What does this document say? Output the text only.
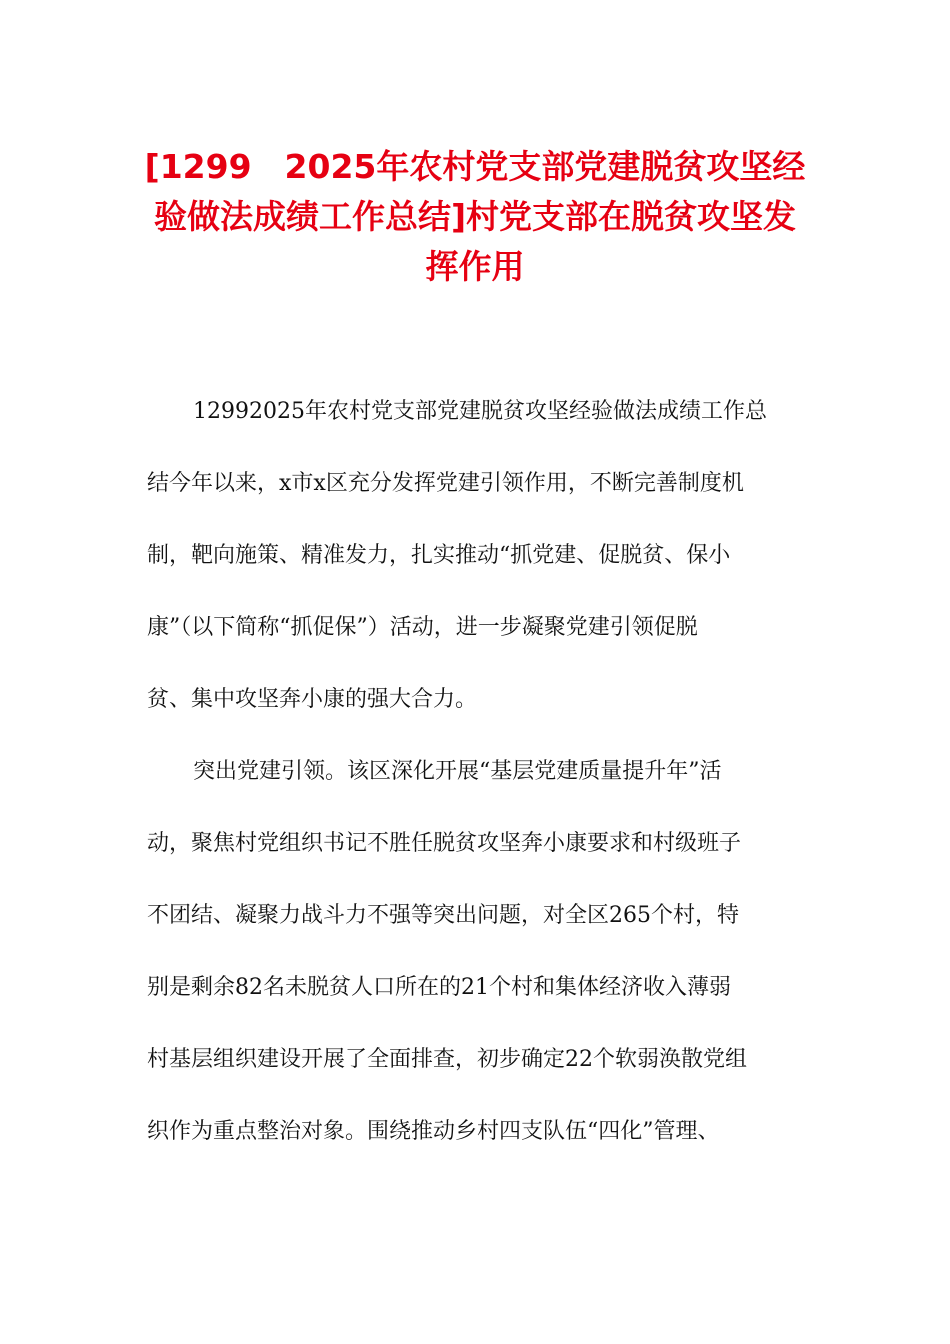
[1299　2025年农村党支部党建脱贫攻坚经
验做法成绩工作总结]村党支部在脱贫攻坚发
挥作用
12992025年农村党支部党建脱贫攻坚经验做法成绩工作总
结今年以来，x市x区充分发挥党建引领作用，不断完善制度机
制，靶向施策、精准发力，扎实推动“抓党建、促脱贫、保小
康”（以下简称“抓促保”）活动，进一步凝聚党建引领促脱
贫、集中攻坚奔小康的强大合力。
突出党建引领。该区深化开展“基层党建质量提升年”活
动，聚焦村党组织书记不胜任脱贫攻坚奔小康要求和村级班子
不团结、凝聚力战斗力不强等突出问题，对全区265个村，特
别是剩余82名未脱贫人口所在的21个村和集体经济收入薄弱
村基层组织建设开展了全面排查，初步确定22个软弱涣散党组
织作为重点整治对象。围绕推动乡村四支队伍“四化”管理、
